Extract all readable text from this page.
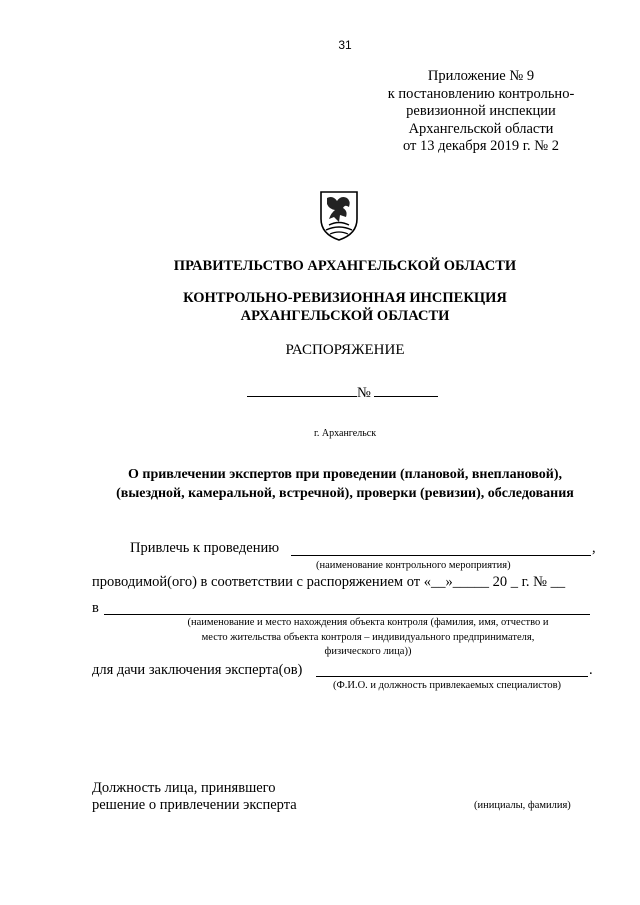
31
Приложение № 9
к постановлению контрольно-
ревизионной инспекции
Архангельской области
от 13 декабря 2019 г. № 2
ПРАВИТЕЛЬСТВО АРХАНГЕЛЬСКОЙ ОБЛАСТИ
КОНТРОЛЬНО-РЕВИЗИОННАЯ ИНСПЕКЦИЯ
АРХАНГЕЛЬСКОЙ ОБЛАСТИ
РАСПОРЯЖЕНИЕ
№
г. Архангельск
О привлечении экспертов при проведении (плановой, внеплановой),
(выездной, камеральной, встречной), проверки (ревизии), обследования
Привлечь к проведению	,
(наименование контрольного мероприятия)
проводимой(ого) в соответствии с распоряжением от «__»_____ 20 _ г. № __
в
(наименование и место нахождения объекта контроля (фамилия, имя, отчество и
место жительства объекта контроля – индивидуального предпринимателя,
физического лица))
для дачи заключения эксперта(ов)	.
(Ф.И.О. и должность привлекаемых специалистов)
Должность лица, принявшего
решение о привлечении эксперта	(инициалы, фамилия)
